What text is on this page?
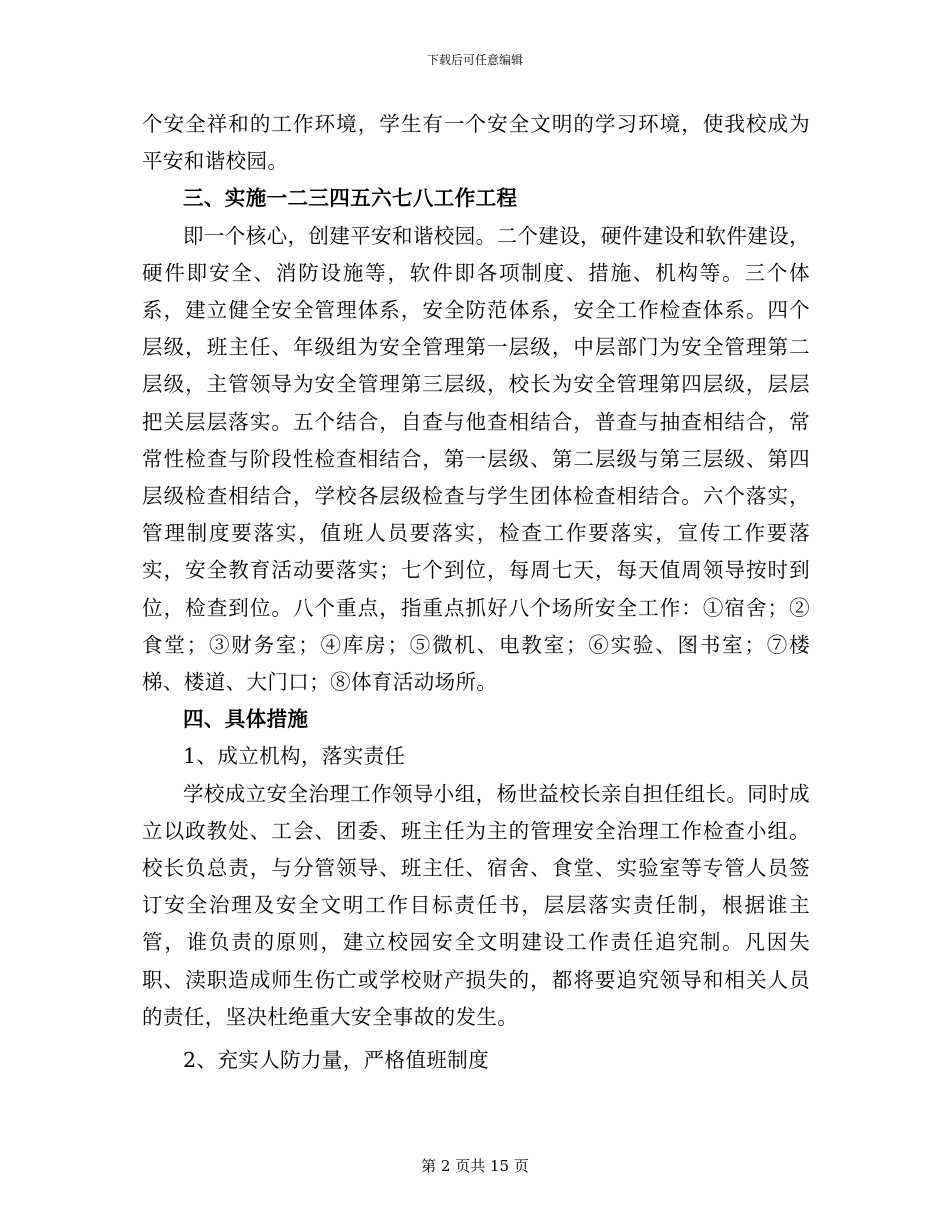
下载后可任意编辑

个安全祥和的工作环境，学生有一个安全文明的学习环境，使我校成为平安和谐校园。

三、实施一二三四五六七八工作工程

即一个核心，创建平安和谐校园。二个建设，硬件建设和软件建设，硬件即安全、消防设施等，软件即各项制度、措施、机构等。三个体系，建立健全安全管理体系，安全防范体系，安全工作检查体系。四个层级，班主任、年级组为安全管理第一层级，中层部门为安全管理第二层级，主管领导为安全管理第三层级，校长为安全管理第四层级，层层把关层层落实。五个结合，自查与他查相结合，普查与抽查相结合，常常性检查与阶段性检查相结合，第一层级、第二层级与第三层级、第四层级检查相结合，学校各层级检查与学生团体检查相结合。六个落实，管理制度要落实，值班人员要落实，检查工作要落实，宣传工作要落实，安全教育活动要落实；七个到位，每周七天，每天值周领导按时到位，检查到位。八个重点，指重点抓好八个场所安全工作：①宿舍；②食堂；③财务室；④库房；⑤微机、电教室；⑥实验、图书室；⑦楼梯、楼道、大门口；⑧体育活动场所。

四、具体措施

1、成立机构，落实责任

学校成立安全治理工作领导小组，杨世益校长亲自担任组长。同时成立以政教处、工会、团委、班主任为主的管理安全治理工作检查小组。校长负总责，与分管领导、班主任、宿舍、食堂、实验室等专管人员签订安全治理及安全文明工作目标责任书，层层落实责任制，根据谁主管，谁负责的原则，建立校园安全文明建设工作责任追究制。凡因失职、渎职造成师生伤亡或学校财产损失的，都将要追究领导和相关人员的责任，坚决杜绝重大安全事故的发生。

2、充实人防力量，严格值班制度

第 2 页共 15 页
